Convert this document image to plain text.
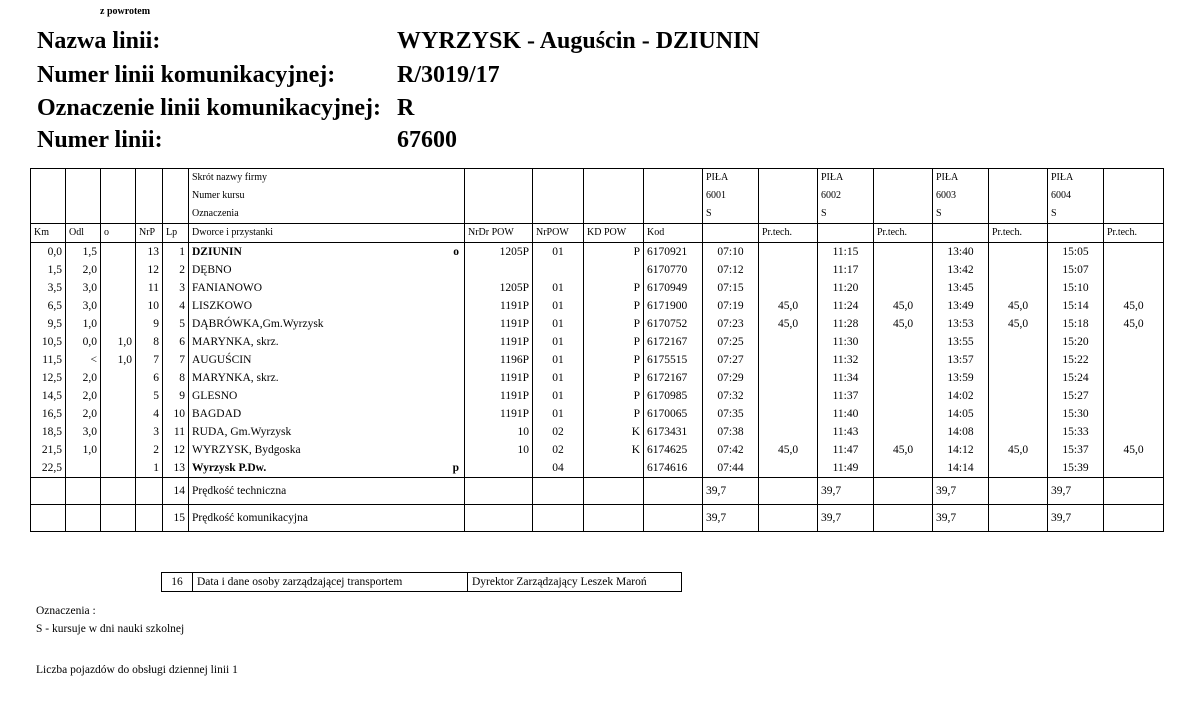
z powrotem
Nazwa linii:	WYRZYSK - Auguścin - DZIUNIN
Numer linii komunikacyjnej:	R/3019/17
Oznaczenie linii komunikacyjnej: R
Numer linii:	67600
					Skrót nazwy firmy					PIŁA		PIŁA		PIŁA		PIŁA	
					Numer kursu					6001		6002		6003		6004	
					Oznaczenia					S		S		S		S	
Km	Odl	o	NrP	Lp	Dworce i przystanki	NrDr POW	NrPOW	KD POW	Kod		Pr.tech.		Pr.tech.		Pr.tech.		Pr.tech.
0,0	1,5		13	1	DZIUNIN o	1205P	01	P	6170921	07:10		11:15		13:40		15:05	
1,5	2,0		12	2	DĘBNO				6170770	07:12		11:17		13:42		15:07	
3,5	3,0		11	3	FANIANOWO	1205P	01	P	6170949	07:15		11:20		13:45		15:10	
6,5	3,0		10	4	LISZKOWO	1191P	01	P	6171900	07:19	45,0	11:24	45,0	13:49	45,0	15:14	45,0
9,5	1,0		9	5	DĄBRÓWKA,Gm.Wyrzysk	1191P	01	P	6170752	07:23	45,0	11:28	45,0	13:53	45,0	15:18	45,0
10,5	0,0	1,0	8	6	MARYNKA, skrz.	1191P	01	P	6172167	07:25		11:30		13:55		15:20	
11,5	<	1,0	7	7	AUGUŚCIN	1196P	01	P	6175515	07:27		11:32		13:57		15:22	
12,5	2,0		6	8	MARYNKA, skrz.	1191P	01	P	6172167	07:29		11:34		13:59		15:24	
14,5	2,0		5	9	GLESNO	1191P	01	P	6170985	07:32		11:37		14:02		15:27	
16,5	2,0		4	10	BAGDAD	1191P	01	P	6170065	07:35		11:40		14:05		15:30	
18,5	3,0		3	11	RUDA, Gm.Wyrzysk	10	02	K	6173431	07:38		11:43		14:08		15:33	
21,5	1,0		2	12	WYRZYSK, Bydgoska	10	02	K	6174625	07:42	45,0	11:47	45,0	14:12	45,0	15:37	45,0
22,5			1	13	Wyrzysk P.Dw. p		04		6174616	07:44		11:49		14:14		15:39	
				14	Prędkość techniczna					39,7		39,7		39,7		39,7	
				15	Prędkość komunikacyjna					39,7		39,7		39,7		39,7	
16	Data i dane osoby zarządzającej transportem	Dyrektor Zarządzający Leszek Maroń
Oznaczenia :
S - kursuje w dni nauki szkolnej
Liczba pojazdów do obsługi dziennej linii 1
